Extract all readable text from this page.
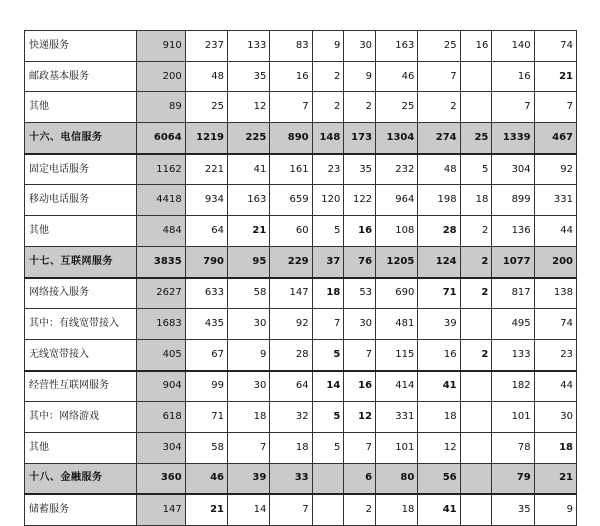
快递服务	910	237	133	83	9	30	163	25	16	140	74
邮政基本服务	200	48	35	16	2	9	46	7		16	21
其他	89	25	12	7	2	2	25	2		7	7
十六、电信服务	6064	1219	225	890	148	173	1304	274	25	1339	467
固定电话服务	1162	221	41	161	23	35	232	48	5	304	92
移动电话服务	4418	934	163	659	120	122	964	198	18	899	331
其他	484	64	21	60	5	16	108	28	2	136	44
十七、互联网服务	3835	790	95	229	37	76	1205	124	2	1077	200
网络接入服务	2627	633	58	147	18	53	690	71	2	817	138
其中：有线宽带接入	1683	435	30	92	7	30	481	39		495	74
无线宽带接入	405	67	9	28	5	7	115	16	2	133	23
经营性互联网服务	904	99	30	64	14	16	414	41		182	44
其中：网络游戏	618	71	18	32	5	12	331	18		101	30
其他	304	58	7	18	5	7	101	12		78	18
十八、金融服务	360	46	39	33		6	80	56		79	21
储蓄服务	147	21	14	7		2	18	41		35	9
